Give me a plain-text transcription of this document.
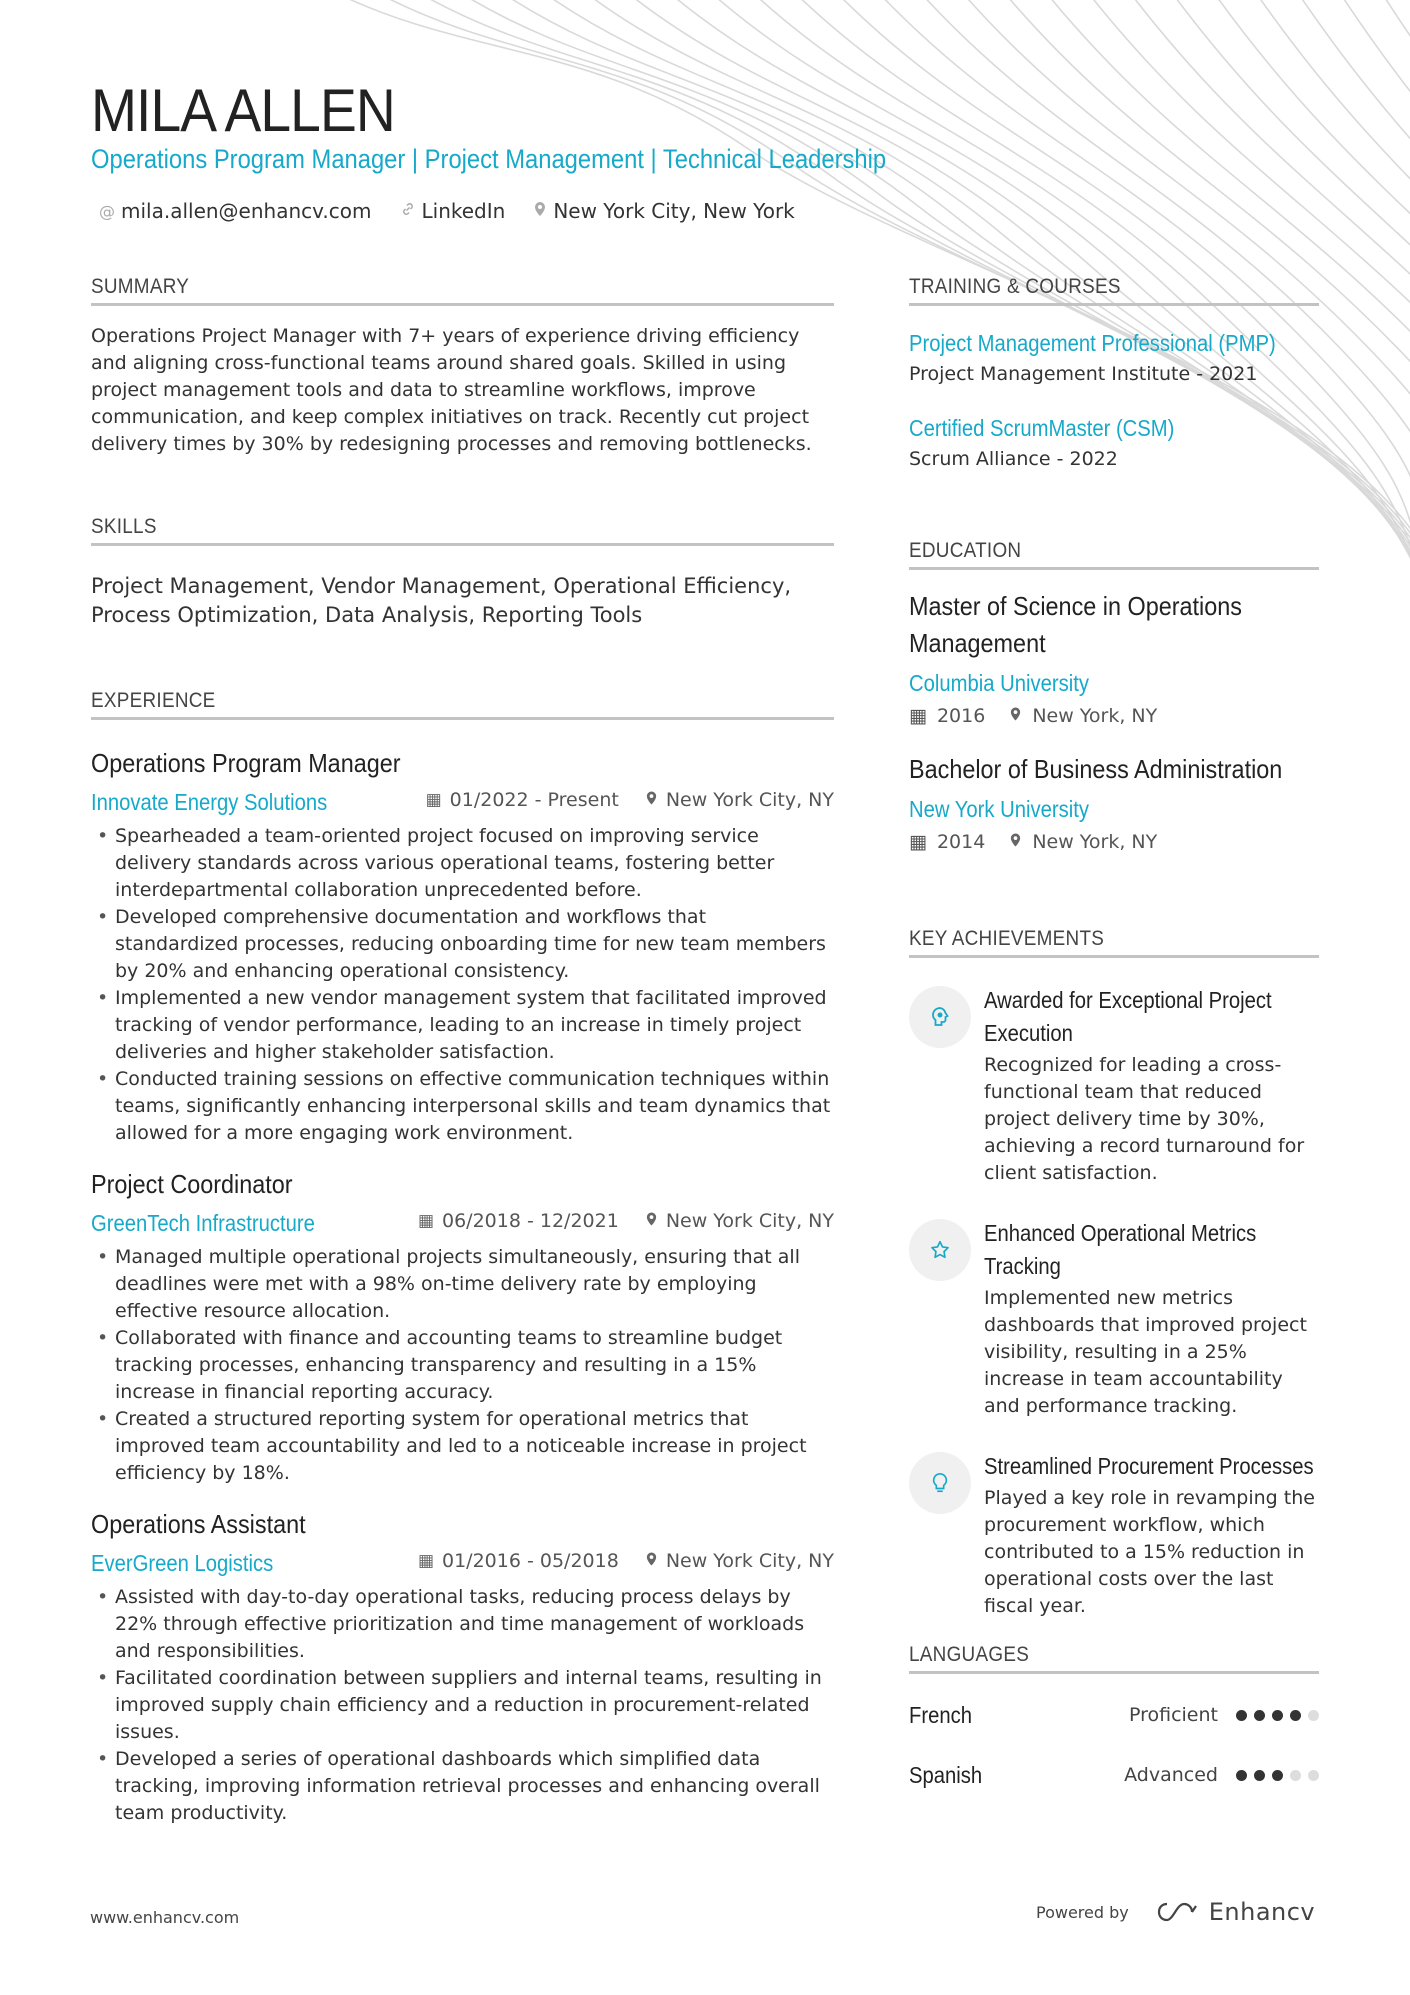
MILA ALLEN
Operations Program Manager | Project Management | Technical Leadership
@ mila.allen@enhancv.com	LinkedIn New York City, New York
SUMMARY
Operations Project Manager with 7+ years of experience driving efficiency and aligning cross-functional teams around shared goals. Skilled in using project management tools and data to streamline workflows, improve communication, and keep complex initiatives on track. Recently cut project delivery times by 30% by redesigning processes and removing bottlenecks.
SKILLS
Project Management, Vendor Management, Operational Efficiency, Process Optimization, Data Analysis, Reporting Tools
EXPERIENCE
Operations Program Manager
Innovate Energy Solutions	▦ 01/2022 - Present New York City, NY
• Spearheaded a team-oriented project focused on improving service delivery standards across various operational teams, fostering better interdepartmental collaboration unprecedented before.
• Developed comprehensive documentation and workflows that standardized processes, reducing onboarding time for new team members by 20% and enhancing operational consistency.
• Implemented a new vendor management system that facilitated improved tracking of vendor performance, leading to an increase in timely project deliveries and higher stakeholder satisfaction.
• Conducted training sessions on effective communication techniques within teams, significantly enhancing interpersonal skills and team dynamics that allowed for a more engaging work environment.
Project Coordinator
GreenTech Infrastructure	▦ 06/2018 - 12/2021 New York City, NY
• Managed multiple operational projects simultaneously, ensuring that all deadlines were met with a 98% on-time delivery rate by employing effective resource allocation.
• Collaborated with finance and accounting teams to streamline budget tracking processes, enhancing transparency and resulting in a 15% increase in financial reporting accuracy.
• Created a structured reporting system for operational metrics that improved team accountability and led to a noticeable increase in project efficiency by 18%.
Operations Assistant
EverGreen Logistics	▦ 01/2016 - 05/2018 New York City, NY
• Assisted with day-to-day operational tasks, reducing process delays by 22% through effective prioritization and time management of workloads and responsibilities.
• Facilitated coordination between suppliers and internal teams, resulting in improved supply chain efficiency and a reduction in procurement-related issues.
• Developed a series of operational dashboards which simplified data tracking, improving information retrieval processes and enhancing overall team productivity.
TRAINING & COURSES
Project Management Professional (PMP)
Project Management Institute - 2021
Certified ScrumMaster (CSM)
Scrum Alliance - 2022
EDUCATION
Master of Science in Operations Management
Columbia University
▦ 2016 New York, NY
Bachelor of Business Administration
New York University
▦ 2014 New York, NY
KEY ACHIEVEMENTS
Awarded for Exceptional Project Execution
Recognized for leading a cross-functional team that reduced project delivery time by 30%, achieving a record turnaround for client satisfaction.
Enhanced Operational Metrics Tracking
Implemented new metrics dashboards that improved project visibility, resulting in a 25% increase in team accountability and performance tracking.
Streamlined Procurement Processes
Played a key role in revamping the procurement workflow, which contributed to a 15% reduction in operational costs over the last fiscal year.
LANGUAGES
French	Proficient
Spanish	Advanced
www.enhancv.com	Powered by	Enhancv
